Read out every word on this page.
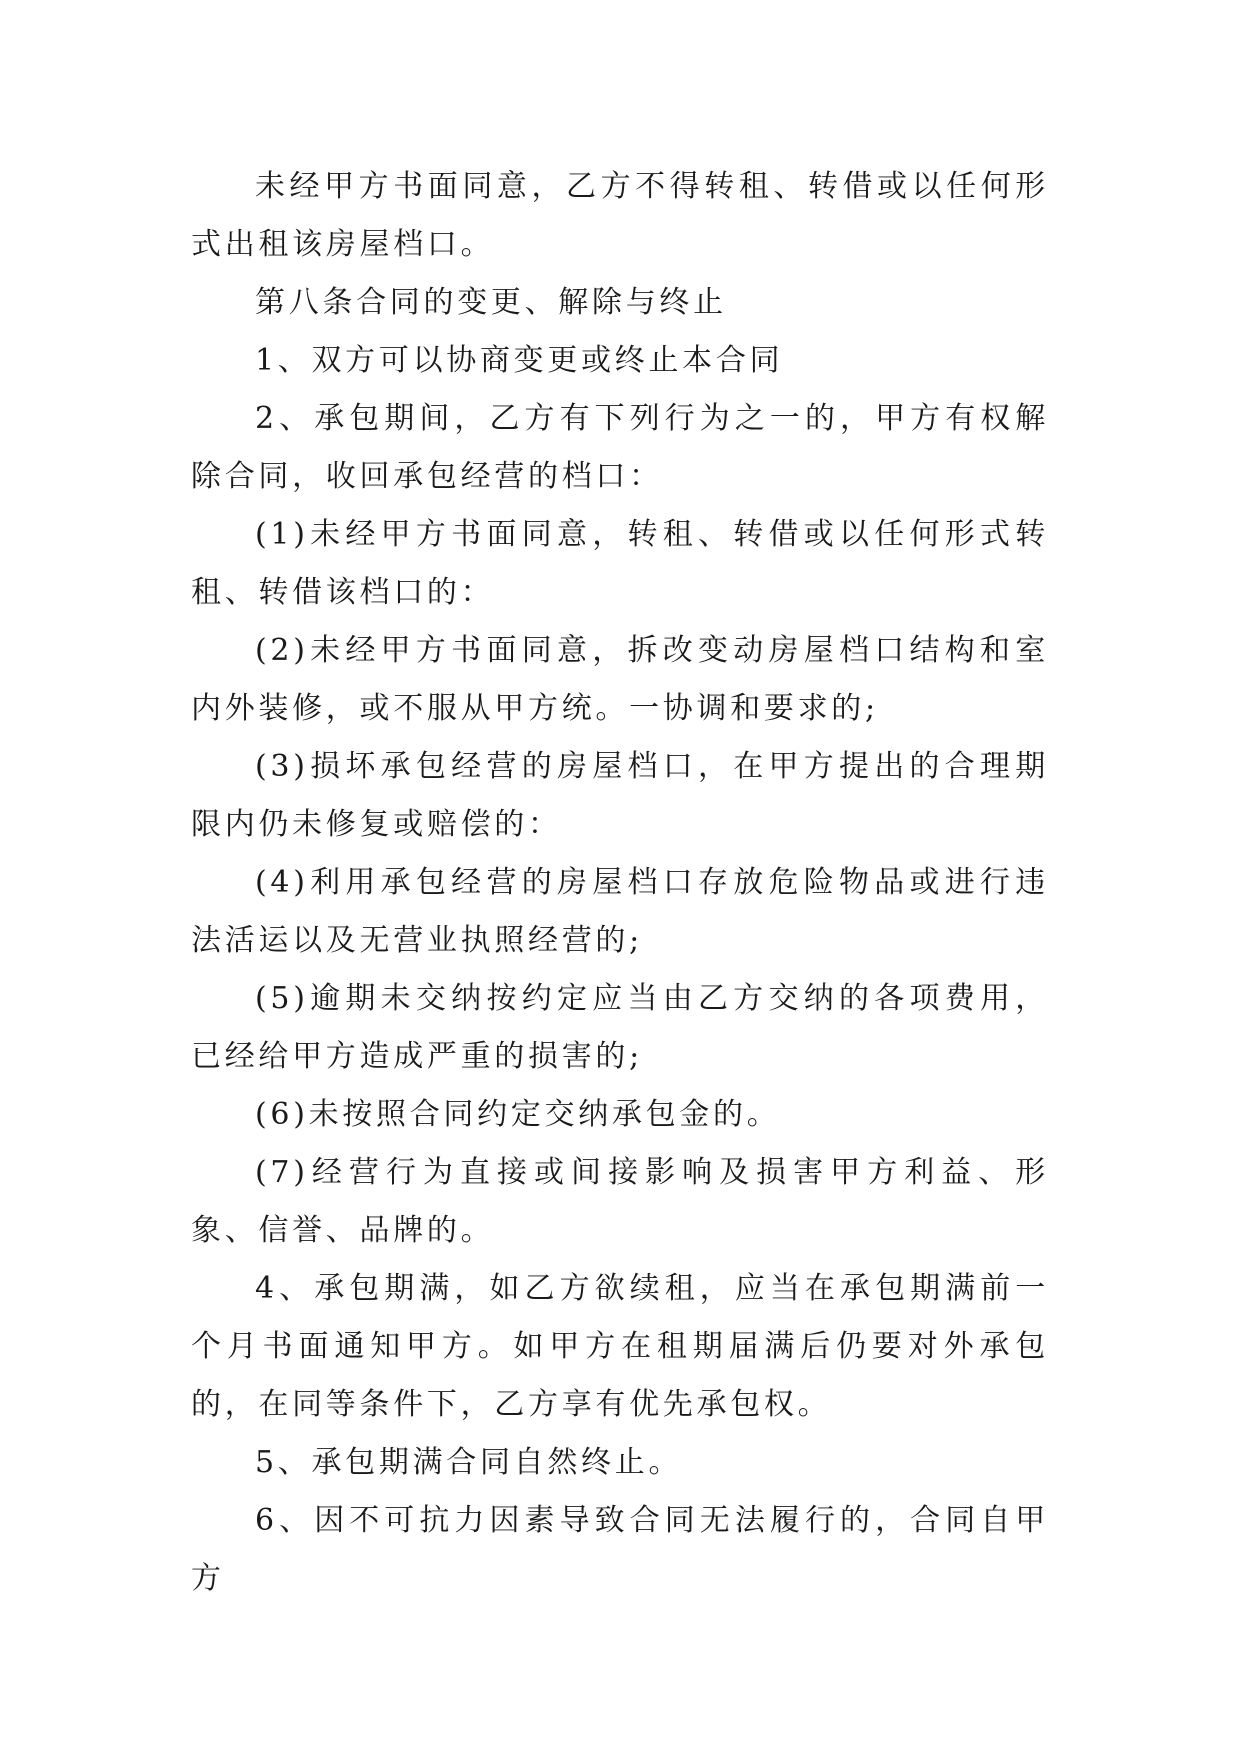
未经甲方书面同意，乙方不得转租、转借或以任何形式出租该房屋档口。

第八条合同的变更、解除与终止

1、双方可以协商变更或终止本合同

2、承包期间，乙方有下列行为之一的，甲方有权解除合同，收回承包经营的档口：

(1)未经甲方书面同意，转租、转借或以任何形式转租、转借该档口的：

(2)未经甲方书面同意，拆改变动房屋档口结构和室内外装修，或不服从甲方统。一协调和要求的;

(3)损坏承包经营的房屋档口，在甲方提出的合理期限内仍未修复或赔偿的：

(4)利用承包经营的房屋档口存放危险物品或进行违法活运以及无营业执照经营的;

(5)逾期未交纳按约定应当由乙方交纳的各项费用，已经给甲方造成严重的损害的;

(6)未按照合同约定交纳承包金的。

(7)经营行为直接或间接影响及损害甲方利益、形象、信誉、品牌的。

4、承包期满，如乙方欲续租，应当在承包期满前一个月书面通知甲方。如甲方在租期届满后仍要对外承包的，在同等条件下，乙方享有优先承包权。

5、承包期满合同自然终止。

6、因不可抗力因素导致合同无法履行的，合同自甲方
